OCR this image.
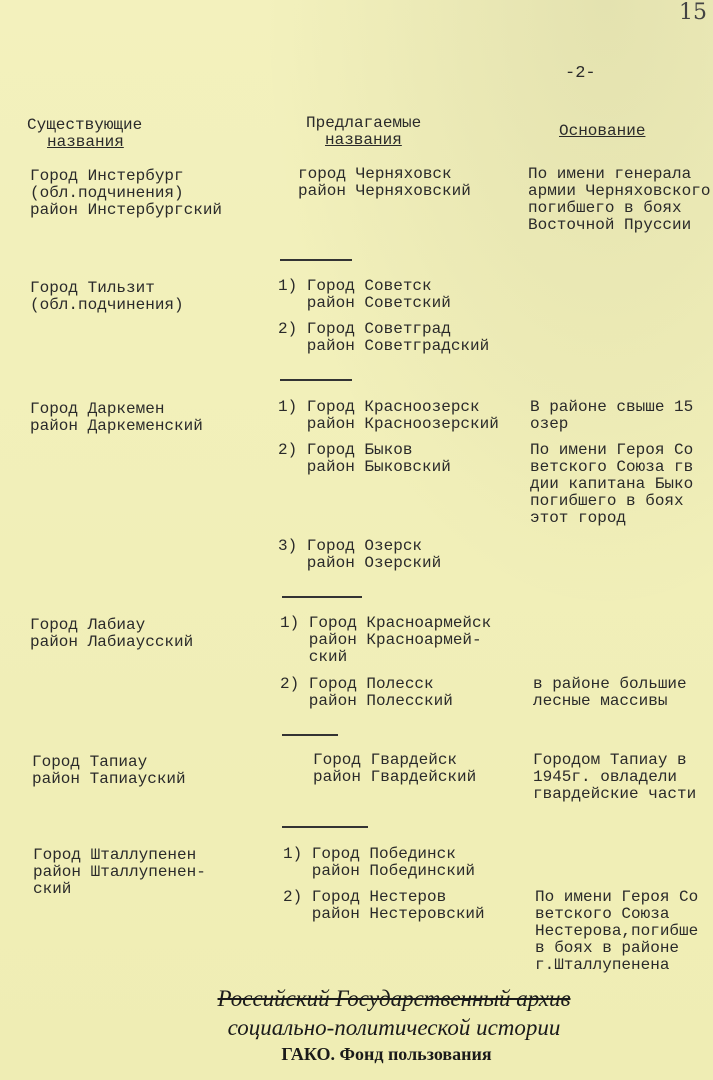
15
-2-
Существующие
названия
Предлагаемые
названия	Основание
Город Инстербург
(обл.подчинения)
район Инстербургский
город Черняховск
район Черняховский
По имени генерала
армии Черняховского
погибшего в боях
Восточной Пруссии
Город Тильзит
(обл.подчинения)
1) Город Советск
район Советский
2) Город Советград
район Советградский
Город Даркемен
район Даркеменский
1) Город Красноозерск
район Красноозерский
2) Город Быков
район Быковский
3) Город Озерск
район Озерский
В районе свыше 15
озер
По имени Героя Со
ветского Союза гв
дии капитана Быко
погибшего в боях
этот город
Город Лабиау
район Лабиаусский
1) Город Красноармейск
район Красноармей-
ский
2) Город Полесск
район Полесский
в районе большие
лесные массивы
Город Тапиау
район Тапиауский
Город Гвардейск
район Гвардейский
Городом Тапиау в
1945г. овладели
гвардейские части
Город Шталлупенен
район Шталлупенен-
ский
1) Город Побединск
район Побединский
2) Город Нестеров
район Нестеровский
По имени Героя Со
ветского Союза
Нестерова,погибше
в боях в районе
г.Шталлупенена
Российский Государственный архив
социально-политической истории
ГАКО. Фонд пользования
